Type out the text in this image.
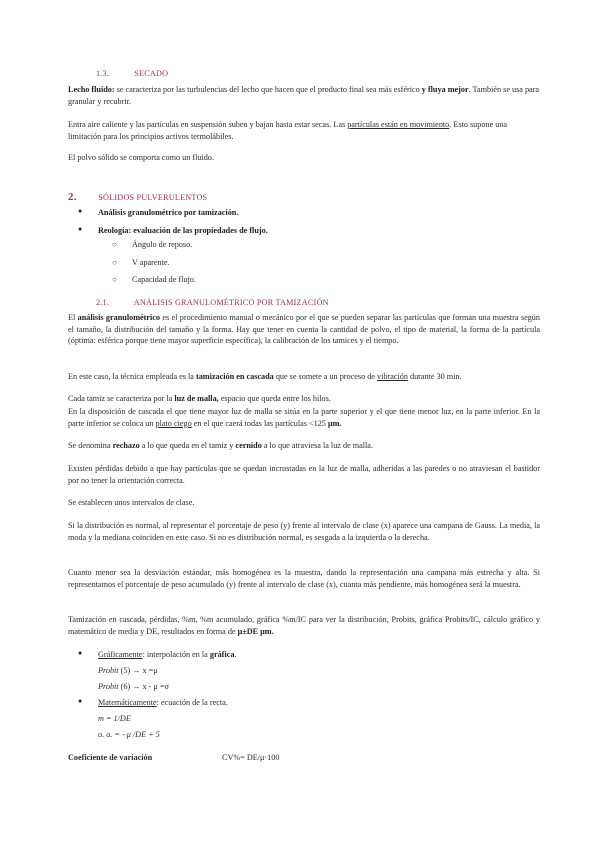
1.3.	SECADO

Lecho fluido: se caracteriza por las turbulencias del lecho que hacen que el producto final sea más esférico y fluya mejor. También se usa para granular y recubrir.

Entra aire caliente y las partículas en suspensión suben y bajan hasta estar secas. Las partículas están en movimiento. Esto supone una limitación para los principios activos termolábiles.

El polvo sólido se comporta como un fluido.

2.	SÓLIDOS PULVERULENTOS
● Análisis granulométrico por tamización.
● Reología: evaluación de las propiedades de flujo.
○ Ángulo de reposo.
○ V aparente.
○ Capacidad de flujo.
2.1.	ANÁLISIS GRANULOMÉTRICO POR TAMIZACIÓN

El análisis granulométrico es el procedimiento manual o mecánico por el que se pueden separar las partículas que forman una muestra según el tamaño, la distribución del tamaño y la forma. Hay que tener en cuenta la cantidad de polvo, el tipo de material, la forma de la partícula (óptima: esférica porque tiene mayor superficie específica), la calibración de los tamices y el tiempo.

En este caso, la técnica empleada es la tamización en cascada que se somete a un proceso de vibración durante 30 min.

Cada tamiz se caracteriza por la luz de malla, espacio que queda entre los hilos.

En la disposición de cascada el que tiene mayor luz de malla se sitúa en la parte superior y el que tiene menor luz, en la parte inferior. En la parte inferior se coloca un plato ciego en el que caerá todas las partículas <125 μm.

Se denomina rechazo a lo que queda en el tamiz y cernido a lo que atraviesa la luz de malla.

Existen pérdidas debido a que hay partículas que se quedan incrustadas en la luz de malla, adheridas a las paredes o no atraviesan el bastidor por no tener la orientación correcta.

Se establecen unos intervalos de clase.

Si la distribución es normal, al representar el porcentaje de peso (y) frente al intervalo de clase (x) aparece una campana de Gauss. La media, la moda y la mediana coinciden en este caso. Si no es distribución normal, es sesgada a la izquierda o la derecha.

Cuanto menor sea la desviación estándar, más homogénea es la muestra, dando la representación una campana más estrecha y alta. Si representamos el porcentaje de peso acumulado (y) frente al intervalo de clase (x), cuanta más pendiente, más homogénea será la muestra.

Tamización en cascada, pérdidas, %m, %m acumulado, gráfica %m/IC para ver la distribución, Probits, gráfica Probits/IC, cálculo gráfico y matemático de media y DE, resultados en forma de μ±DE μm.

● Gráficamente: interpolación en la gráfica.
Probit (5) → x =μ
Probit (6) → x - μ =σ
● Matemáticamente: ecuación de la recta.
m = 1/DE
o. o. = - μ /DE + 5
Coeficiente de variación	CV%= DE/μ·100
